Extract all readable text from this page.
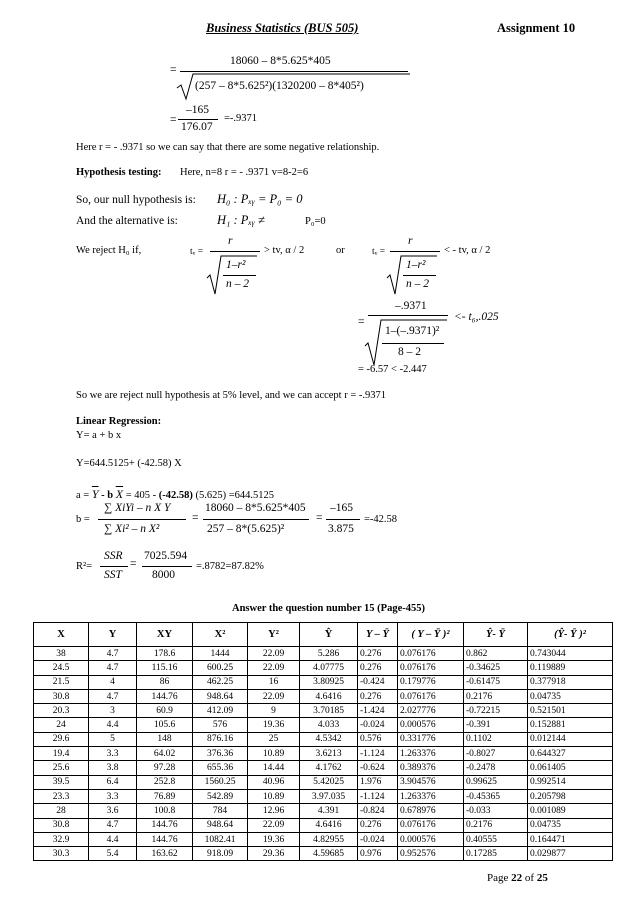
Business Statistics (BUS 505)	Assignment 10
=
18060 – 8*5.625*405
(257 – 8*5.625²)(1320200 – 8*405²)
=
–165
176.07
=-.9371
Here r = - .9371 so we can say that there are some negative relationship.
Hypothesis testing: Here, n=8 r = - .9371 v=8-2=6
So, our null hypothesis is: H₀ : Pₓᵧ = P₀ = 0
And the alternative is:	H₁ : Pₓᵧ ≠	P₀=0
We reject H₀ if,	tᵥ =
r
1–r²
n – 2
> tv, α / 2	or	tᵥ =
r
1–r²
n – 2
< - tv, α / 2
=
–.9371
1–(–.9371)²
8 – 2
<- t₆,.025
= -6.57 < -2.447
So we are reject null hypothesis at 5% level, and we can accept r = -.9371
Linear Regression:
Y= a + b x
Y=644.5125+ (-42.58) X
$a = \overline{Y} - b$ $\overline{X} = 405 - (-42.58)$ (5.625) =644.5125
b =
∑ XiYi – n X Y
∑ Xi² – n X²
=
18060 – 8*5.625*405
257 – 8*(5.625)²
=
–165
3.875
=-42.58
R²=
SSR
SST
=
7025.594
8000
=.8782=87.82%
Answer the question number 15 (Page-455)
X	Y	XY	X²	Y²	Ŷ	Y – Ȳ	( Y – Ȳ )²	Ŷ- Ȳ	(Ŷ- Ȳ )²
38	4.7	178.6	1444	22.09	5.286	0.276	0.076176	0.862	0.743044
24.5	4.7	115.16	600.25	22.09	4.07775	0.276	0.076176	-0.34625	0.119889
21.5	4	86	462.25	16	3.80925	-0.424	0.179776	-0.61475	0.377918
30.8	4.7	144.76	948.64	22.09	4.6416	0.276	0.076176	0.2176	0.04735
20.3	3	60.9	412.09	9	3.70185	-1.424	2.027776	-0.72215	0.521501
24	4.4	105.6	576	19.36	4.033	-0.024	0.000576	-0.391	0.152881
29.6	5	148	876.16	25	4.5342	0.576	0.331776	0.1102	0.012144
19.4	3.3	64.02	376.36	10.89	3.6213	-1.124	1.263376	-0.8027	0.644327
25.6	3.8	97.28	655.36	14.44	4.1762	-0.624	0.389376	-0.2478	0.061405
39.5	6.4	252.8	1560.25	40.96	5.42025	1.976	3.904576	0.99625	0.992514
23.3	3.3	76.89	542.89	10.89	3.97.035	-1.124	1.263376	-0.45365	0.205798
28	3.6	100.8	784	12.96	4.391	-0.824	0.678976	-0.033	0.001089
30.8	4.7	144.76	948.64	22.09	4.6416	0.276	0.076176	0.2176	0.04735
32.9	4.4	144.76	1082.41	19.36	4.82955	-0.024	0.000576	0.40555	0.164471
30.3	5.4	163.62	918.09	29.36	4.59685	0.976	0.952576	0.17285	0.029877
Page 22 of 25
